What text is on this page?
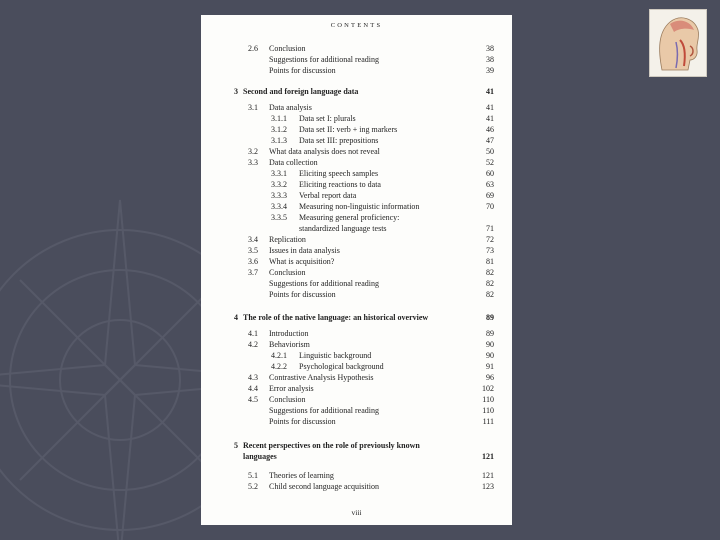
CONTENTS
2.6 Conclusion	38
Suggestions for additional reading	38
Points for discussion	39
3 Second and foreign language data	41
3.1 Data analysis	41
3.1.1 Data set I: plurals	41
3.1.2 Data set II: verb + ing markers	46
3.1.3 Data set III: prepositions	47
3.2 What data analysis does not reveal	50
3.3 Data collection	52
3.3.1 Eliciting speech samples	60
3.3.2 Eliciting reactions to data	63
3.3.3 Verbal report data	69
3.3.4 Measuring non-linguistic information	70
3.3.5 Measuring general proficiency:
standardized language tests	71
3.4 Replication	72
3.5 Issues in data analysis	73
3.6 What is acquisition?	81
3.7 Conclusion	82
Suggestions for additional reading	82
Points for discussion	82
4 The role of the native language: an historical overview	89
4.1 Introduction	89
4.2 Behaviorism	90
4.2.1 Linguistic background	90
4.2.2 Psychological background	91
4.3 Contrastive Analysis Hypothesis	96
4.4 Error analysis	102
4.5 Conclusion	110
Suggestions for additional reading	110
Points for discussion	111
5 Recent perspectives on the role of previously known
languages	121
5.1 Theories of learning	121
5.2 Child second language acquisition	123
viii
